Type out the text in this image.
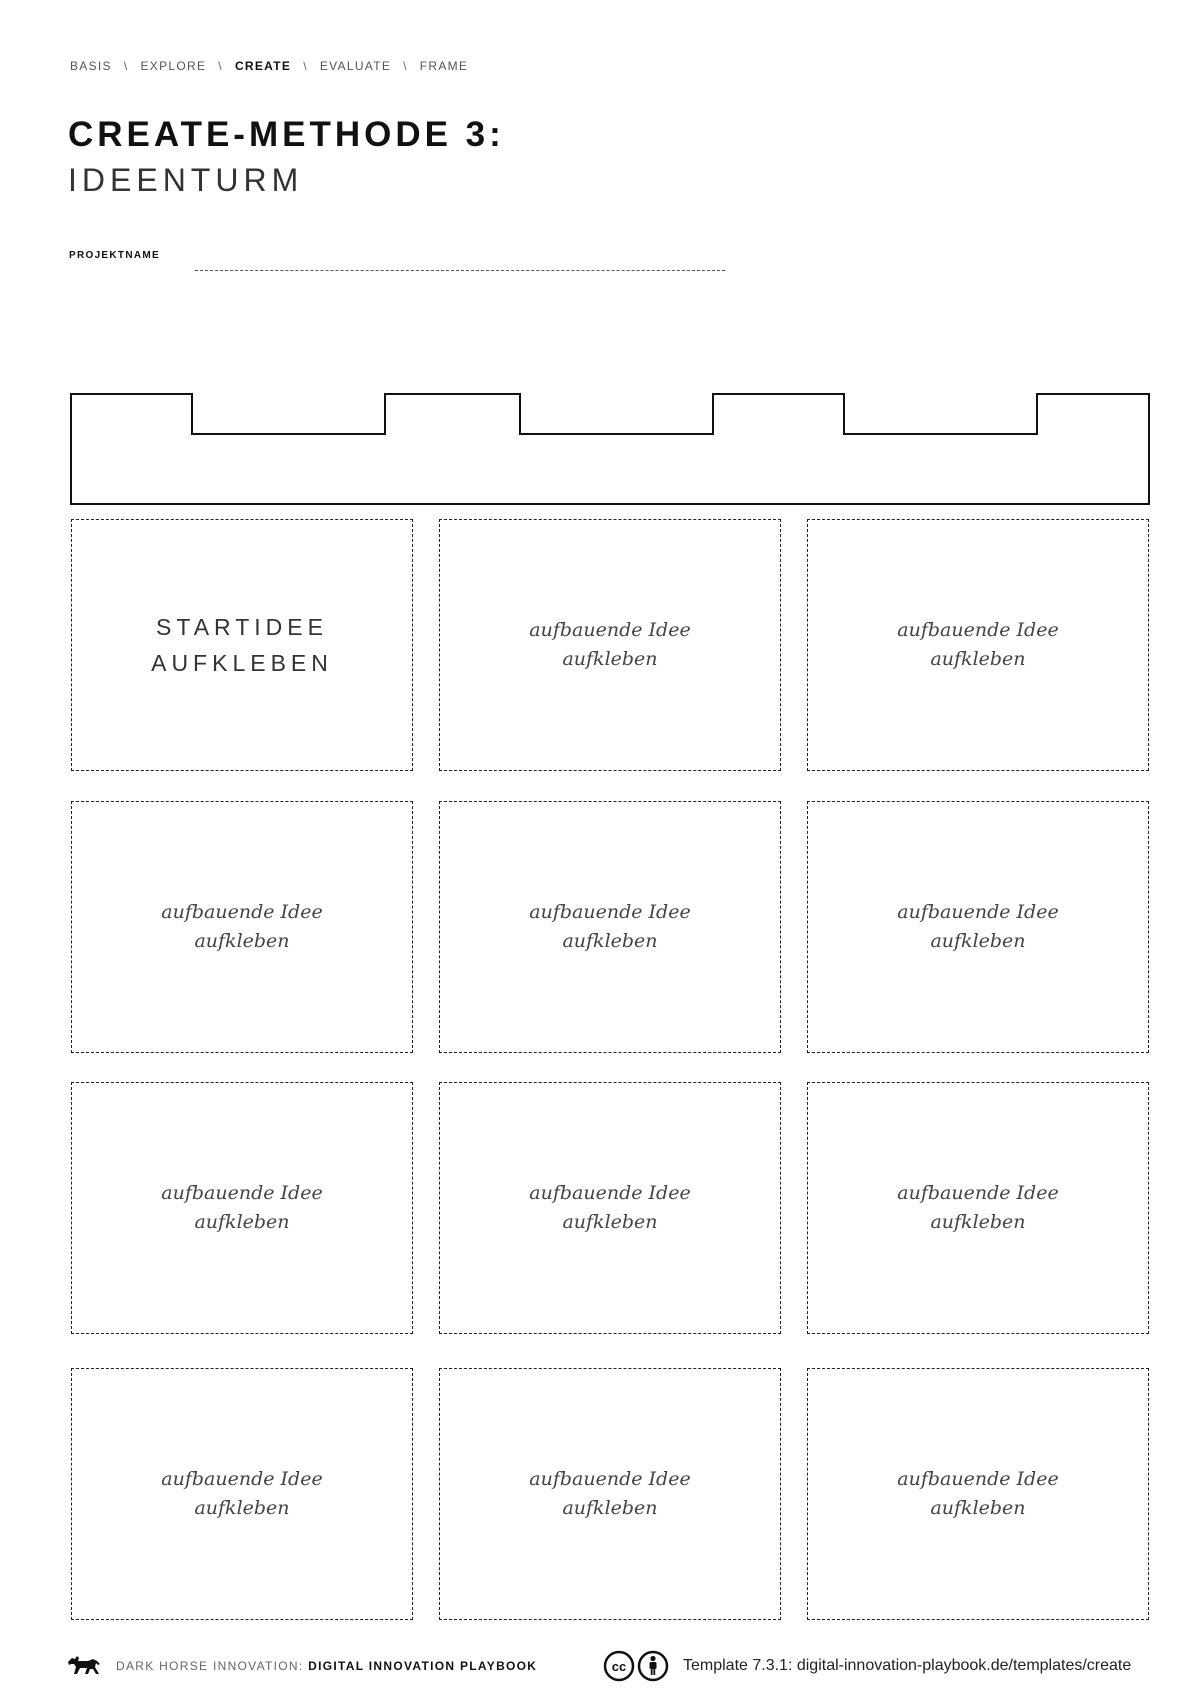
BASIS \ EXPLORE \ CREATE \ EVALUATE \ FRAME
CREATE-METHODE 3:
IDEENTURM
PROJEKTNAME
STARTIDEE
AUFKLEBEN
aufbauende Idee
aufkleben
aufbauende Idee
aufkleben
aufbauende Idee
aufkleben
aufbauende Idee
aufkleben
aufbauende Idee
aufkleben
aufbauende Idee
aufkleben
aufbauende Idee
aufkleben
aufbauende Idee
aufkleben
aufbauende Idee
aufkleben
aufbauende Idee
aufkleben
aufbauende Idee
aufkleben
DARK HORSE INNOVATION: DIGITAL INNOVATION PLAYBOOK	cc	Template 7.3.1: digital-innovation-playbook.de/templates/create
